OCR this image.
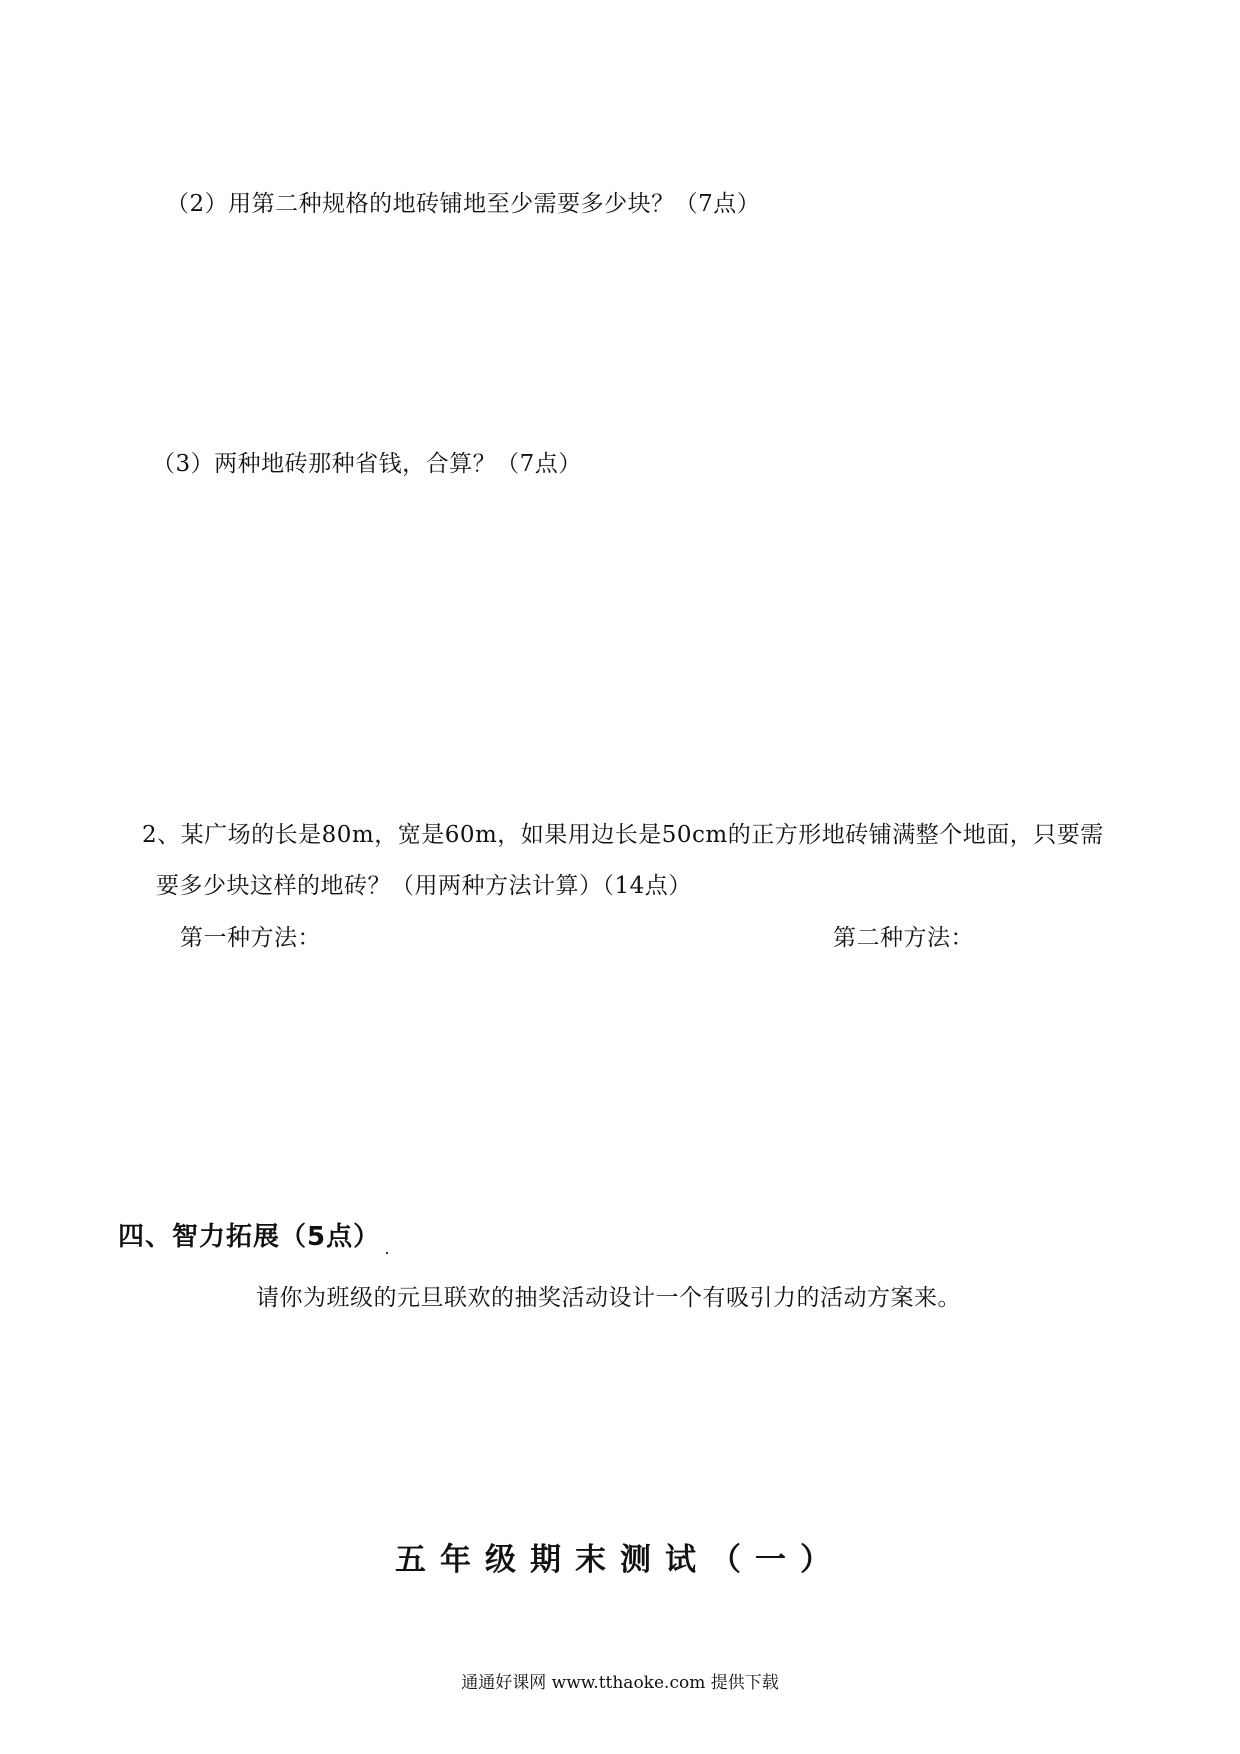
（2）用第二种规格的地砖铺地至少需要多少块？（7点）
（3）两种地砖那种省钱，合算？（7点）
2、某广场的长是80m，宽是60m，如果用边长是50cm的正方形地砖铺满整个地面，只要需
要多少块这样的地砖？（用两种方法计算）（14点）
第一种方法：	第二种方法：
四、智力拓展（5点）
请你为班级的元旦联欢的抽奖活动设计一个有吸引力的活动方案来。
五年级期末测试（一）
通通好课网 www.tthaoke.com 提供下载
